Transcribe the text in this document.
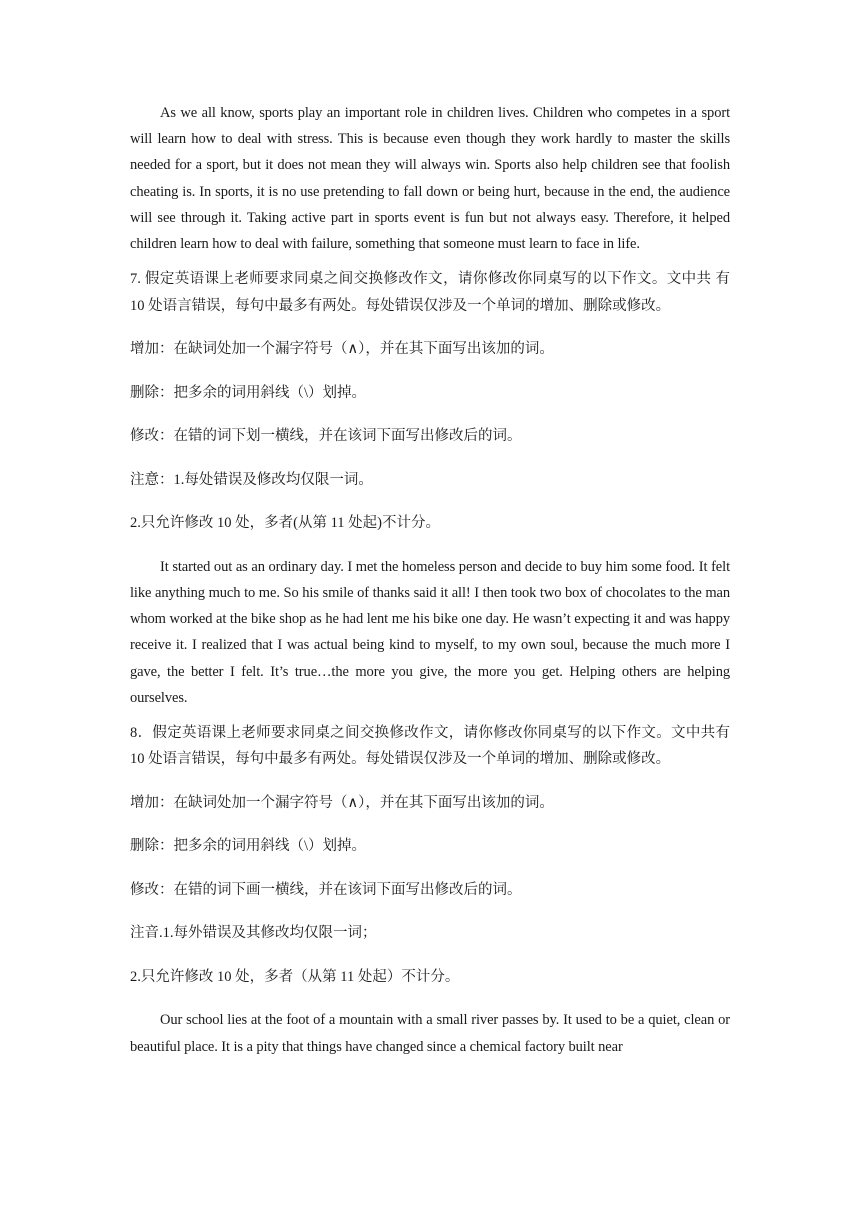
As we all know, sports play an important role in children lives. Children who competes in a sport will learn how to deal with stress. This is because even though they work hardly to master the skills needed for a sport, but it does not mean they will always win. Sports also help children see that foolish cheating is. In sports, it is no use pretending to fall down or being hurt, because in the end, the audience will see through it. Taking active part in sports event is fun but not always easy. Therefore, it helped children learn how to deal with failure, something that someone must learn to face in life.

7. 假定英语课上老师要求同桌之间交换修改作文，请你修改你同桌写的以下作文。文中共 有 10 处语言错误，每句中最多有两处。每处错误仅涉及一个单词的增加、删除或修改。

增加：在缺词处加一个漏字符号（∧），并在其下面写出该加的词。

删除：把多余的词用斜线（\）划掉。

修改：在错的词下划一横线，并在该词下面写出修改后的词。

注意：1.每处错误及修改均仅限一词。

2.只允许修改 10 处，多者(从第 11 处起)不计分。

It started out as an ordinary day. I met the homeless person and decide to buy him some food. It felt like anything much to me. So his smile of thanks said it all! I then took two box of chocolates to the man whom worked at the bike shop as he had lent me his bike one day. He wasn’t expecting it and was happy receive it. I realized that I was actual being kind to myself, to my own soul, because the much more I gave, the better I felt. It’s true…the more you give, the more you get. Helping others are helping ourselves.

8．假定英语课上老师要求同桌之间交换修改作文，请你修改你同桌写的以下作文。文中共有 10 处语言错误，每句中最多有两处。每处错误仅涉及一个单词的增加、删除或修改。

增加：在缺词处加一个漏字符号（∧），并在其下面写出该加的词。

删除：把多余的词用斜线（\）划掉。

修改：在错的词下画一横线，并在该词下面写出修改后的词。

注音.1.每外错误及其修改均仅限一词；

2.只允许修改 10 处，多者（从第 11 处起）不计分。

Our school lies at the foot of a mountain with a small river passes by. It used to be a quiet, clean or beautiful place. It is a pity that things have changed since a chemical factory built near
